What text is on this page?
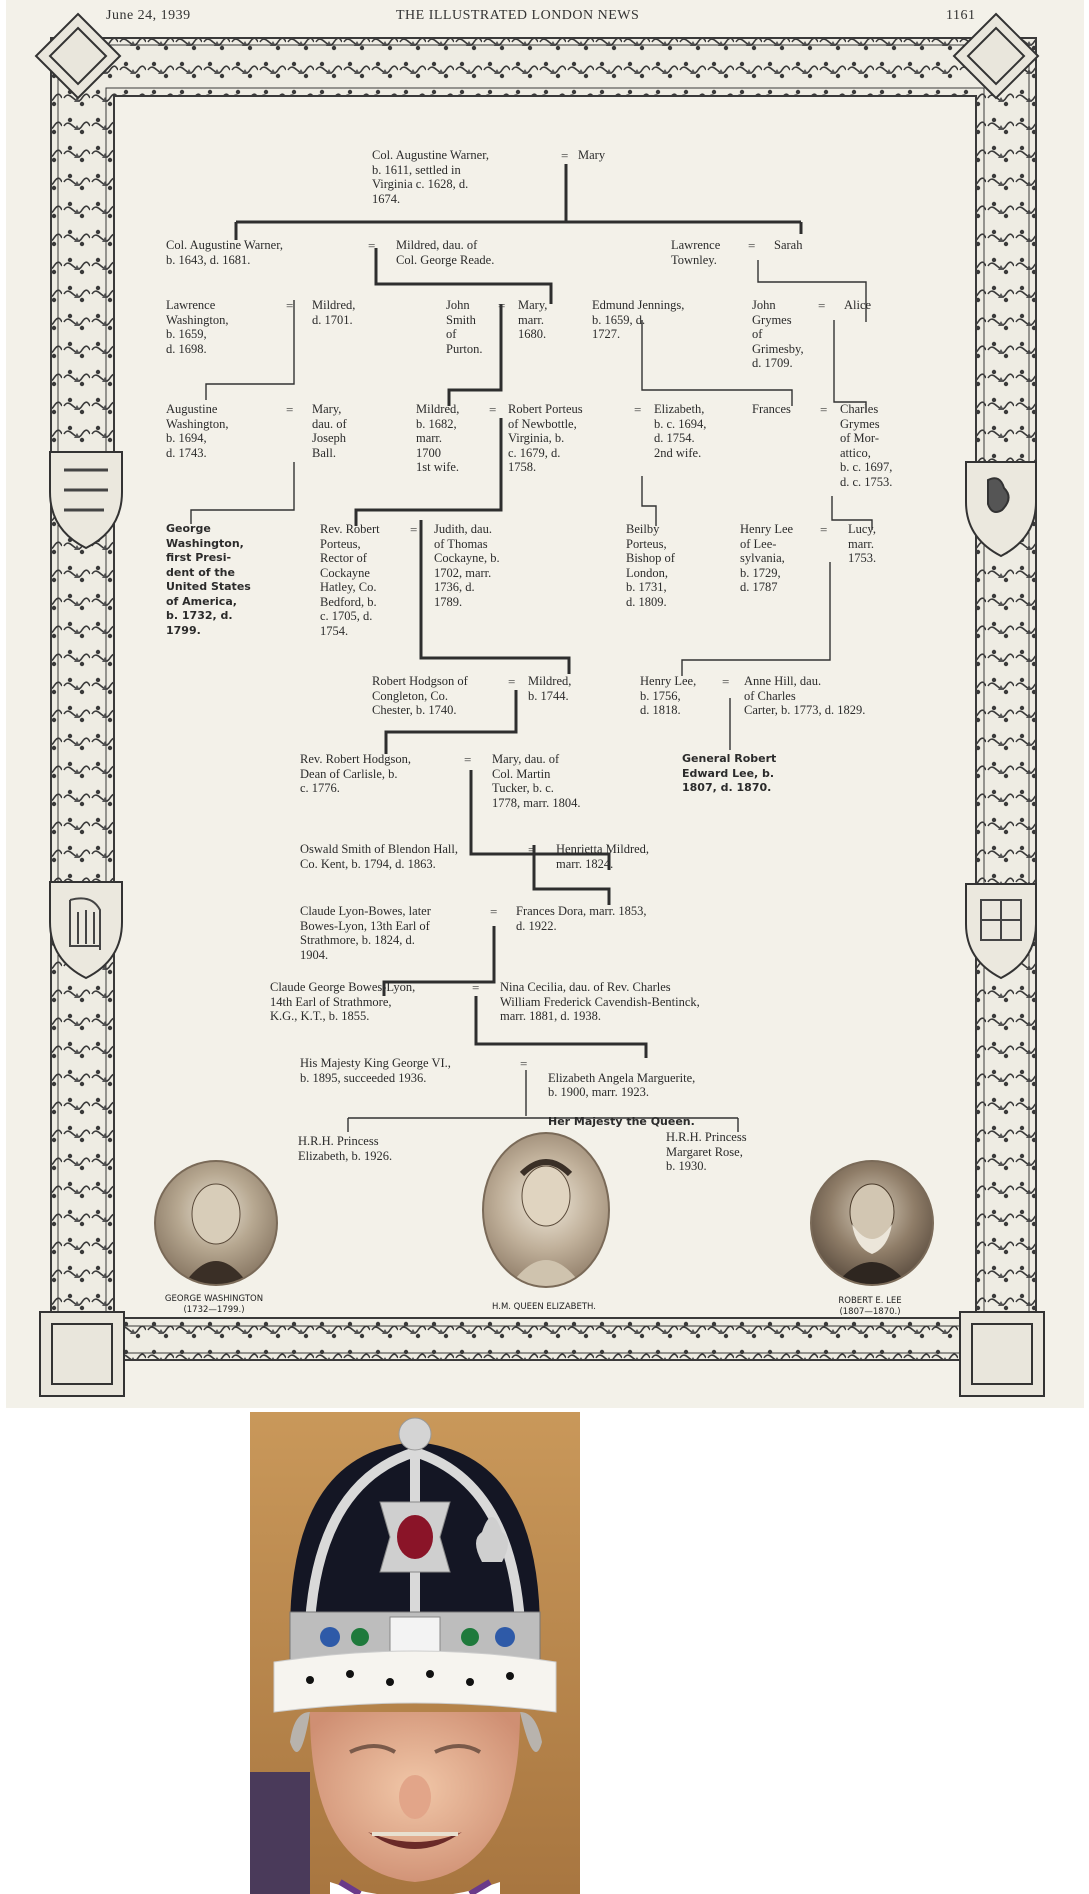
June 24, 1939	THE ILLUSTRATED LONDON NEWS	1161
Col. Augustine Warner,
b. 1611, settled in
Virginia c. 1628, d.
1674.
= Mary
Col. Augustine Warner,
b. 1643, d. 1681.
= Mildred, dau. of
Col. George Reade.
Lawrence
Townley.
= Sarah
Lawrence
Washington,
b. 1659,
d. 1698.
= Mildred,
d. 1701.
John
Smith
of
Purton.
= Mary,
marr.
1680.
Edmund Jennings,
b. 1659, d.
1727.
John
Grymes
of
Grimesby,
d. 1709.
= Alice
Augustine
Washington,
b. 1694,
d. 1743.
= Mary,
dau. of
Joseph
Ball.
Mildred,
b. 1682,
marr.
1700
1st wife.
= Robert Porteus
of Newbottle,
Virginia, b.
c. 1679, d.
1758.
= Elizabeth,
b. c. 1694,
d. 1754.
2nd wife.
Frances = Charles
Grymes
of Mor-
attico,
b. c. 1697,
d. c. 1753.
George
Washington,
first Presi-
dent of the
United States
of America,
b. 1732, d.
1799.
Rev. Robert
Porteus,
Rector of
Cockayne
Hatley, Co.
Bedford, b.
c. 1705, d.
1754.
= Judith, dau.
of Thomas
Cockayne, b.
1702, marr.
1736, d.
1789.
Beilby
Porteus,
Bishop of
London,
b. 1731,
d. 1809.
Henry Lee
of Lee-
sylvania,
b. 1729,
d. 1787
= Lucy,
marr.
1753.
Robert Hodgson of
Congleton, Co.
Chester, b. 1740.
= Mildred,
b. 1744.
Henry Lee,
b. 1756,
d. 1818.
= Anne Hill, dau.
of Charles
Carter, b. 1773, d. 1829.
Rev. Robert Hodgson,
Dean of Carlisle, b.
c. 1776.
= Mary, dau. of
Col. Martin
Tucker, b. c.
1778, marr. 1804.
General Robert
Edward Lee, b.
1807, d. 1870.
Oswald Smith of Blendon Hall,
Co. Kent, b. 1794, d. 1863.
= Henrietta Mildred,
marr. 1824.
Claude Lyon-Bowes, later
Bowes-Lyon, 13th Earl of
Strathmore, b. 1824, d.
1904.
= Frances Dora, marr. 1853,
d. 1922.
Claude George Bowes-Lyon,
14th Earl of Strathmore,
K.G., K.T., b. 1855.
= Nina Cecilia, dau. of Rev. Charles
William Frederick Cavendish-Bentinck,
marr. 1881, d. 1938.
His Majesty King George VI.,
b. 1895, succeeded 1936.
=

Elizabeth Angela Marguerite,
b. 1900, marr. 1923.

Her Majesty the Queen.

H.R.H. Princess
Elizabeth, b. 1926.
H.R.H. Princess
Margaret Rose,
b. 1930.
GEORGE WASHINGTON
(1732—1799.)	H.M. QUEEN ELIZABETH.
ROBERT E. LEE
(1807—1870.)
